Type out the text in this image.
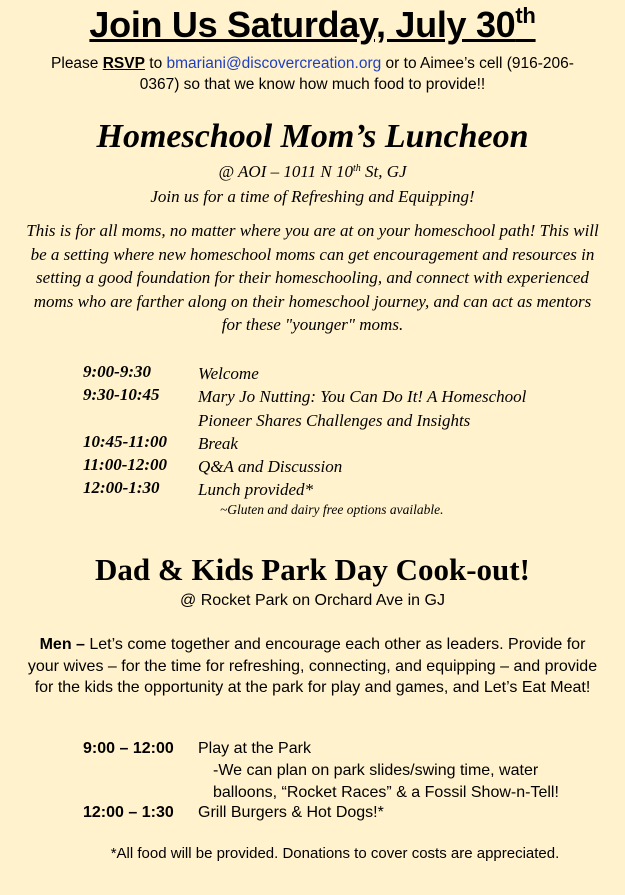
Join Us Saturday, July 30th
Please RSVP to bmariani@discovercreation.org or to Aimee’s cell (916-206-
0367) so that we know how much food to provide!!
Homeschool Mom’s Luncheon
@ AOI – 1011 N 10th St, GJ
Join us for a time of Refreshing and Equipping!
This is for all moms, no matter where you are at on your homeschool path! This will be a setting where new homeschool moms can get encouragement and resources in setting a good foundation for their homeschooling, and connect with experienced moms who are farther along on their homeschool journey, and can act as mentors for these "younger" moms.
9:00-9:30	Welcome
9:30-10:45 Mary Jo Nutting: You Can Do It! A Homeschool Pioneer Shares Challenges and Insights
10:45-11:00 Break
11:00-12:00 Q&A and Discussion
12:00-1:30 Lunch provided*
~Gluten and dairy free options available.
Dad & Kids Park Day Cook-out!
@ Rocket Park on Orchard Ave in GJ
Men – Let’s come together and encourage each other as leaders. Provide for your wives – for the time for refreshing, connecting, and equipping – and provide for the kids the opportunity at the park for play and games, and Let’s Eat Meat!
9:00 – 12:00 Play at the Park
-We can plan on park slides/swing time, water
balloons, “Rocket Races” & a Fossil Show-n-Tell!
12:00 – 1:30 Grill Burgers & Hot Dogs!*
*All food will be provided. Donations to cover costs are appreciated.
